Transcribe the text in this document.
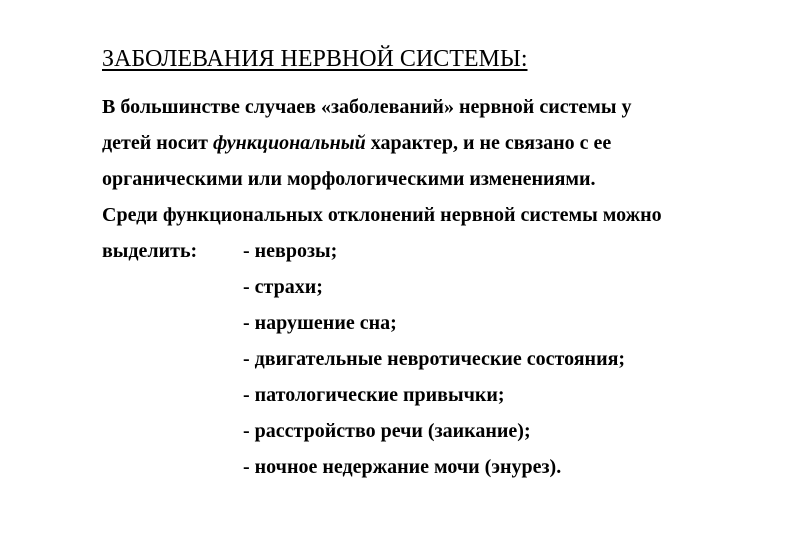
ЗАБОЛЕВАНИЯ НЕРВНОЙ СИСТЕМЫ:
В большинстве случаев «заболеваний» нервной системы у
детей носит функциональный характер, и не связано с ее
органическими или морфологическими изменениями.
Среди функциональных отклонений нервной системы можно
выделить: - неврозы;
- страхи;
- нарушение сна;
- двигательные невротические состояния;
- патологические привычки;
- расстройство речи (заикание);
- ночное недержание мочи (энурез).
